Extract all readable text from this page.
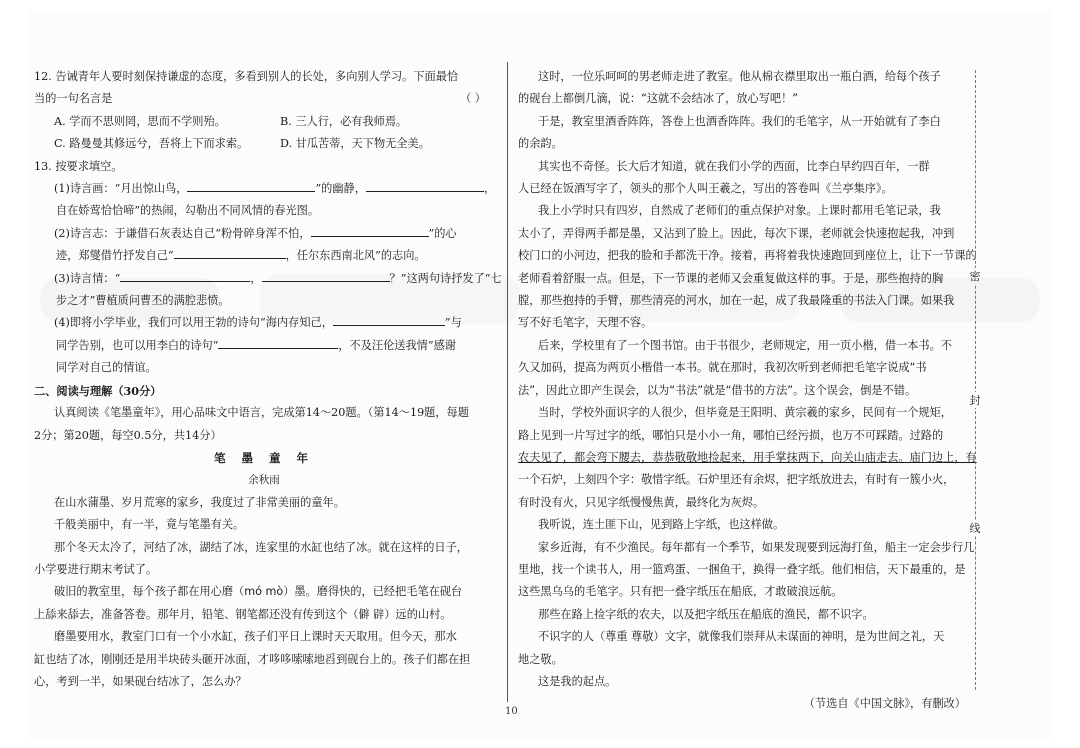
12. 告诫青年人要时刻保持谦虚的态度，多看到别人的长处，多向别人学习。下面最恰
当的一句名言是	（ ）
A. 学而不思则罔，思而不学则殆。	B. 三人行，必有我师焉。
C. 路曼曼其修远兮，吾将上下而求索。	D. 甘瓜苦蒂，天下物无全美。
13. 按要求填空。
(1)诗言画：“月出惊山鸟，	”的幽静，	，
自在娇莺恰恰啼”的热闹，勾勒出不同风情的春光图。
(2)诗言志：于谦借石灰表达自己“粉骨碎身浑不怕，	”的心
迹，郑燮借竹抒发自己“	，任尔东西南北风”的志向。
(3)诗言情：“	，	？”这两句诗抒发了“七
步之才”曹植质问曹丕的满腔悲愤。
(4)即将小学毕业，我们可以用王勃的诗句“海内存知己，	”与
同学告别，也可以用李白的诗句“	，不及汪伦送我情”感谢
同学对自己的情谊。
二、阅读与理解（30分）
认真阅读《笔墨童年》，用心品味文中语言，完成第14～20题。（第14～19题，每题
2分；第20题，每空0.5分，共14分）
笔 墨 童 年
余秋雨
在山水蒲墨、岁月荒寒的家乡，我度过了非常美丽的童年。
千般美丽中，有一半，竟与笔墨有关。
那个冬天太冷了，河结了冰，湖结了冰，连家里的水缸也结了冰。就在这样的日子，
小学要进行期末考试了。
破旧的教室里，每个孩子都在用心磨（mó mò）墨。磨得快的，已经把毛笔在砚台
上舔来舔去，准备答卷。那年月，铅笔、钢笔都还没有传到这个（僻 辟）远的山村。
磨墨要用水，教室门口有一个小水缸，孩子们平日上课时天天取用。但今天，那水
缸也结了冰，刚刚还是用半块砖头砸开冰面，才哆哆嗦嗦地舀到砚台上的。孩子们都在担
心，考到一半，如果砚台结冰了，怎么办？
这时，一位乐呵呵的男老师走进了教室。他从棉衣襟里取出一瓶白酒，给每个孩子
的砚台上都倒几滴，说：“这就不会结冰了，放心写吧！”
于是，教室里酒香阵阵，答卷上也酒香阵阵。我们的毛笔字，从一开始就有了李白
的余韵。
其实也不奇怪。长大后才知道，就在我们小学的西面，比李白早约四百年，一群
人已经在饭酒写字了，领头的那个人叫王羲之，写出的答卷叫《兰亭集序》。
我上小学时只有四岁，自然成了老师们的重点保护对象。上课时都用毛笔记录，我
太小了，弄得两手都是墨，又沾到了脸上。因此，每次下课，老师就会快速抱起我，冲到
校门口的小河边，把我的脸和手都洗干净。接着，再将着我快速跑回到座位上，让下一节课的
老师看着舒服一点。但是，下一节课的老师又会重复做这样的事。于是，那些抱持的胸
膛，那些抱持的手臂，那些清亮的河水，加在一起，成了我最隆重的书法入门课。如果我
写不好毛笔字，天理不容。
后来，学校里有了一个图书馆。由于书很少，老师规定，用一页小楷，借一本书。不
久又加码，提高为两页小楷借一本书。就在那时，我初次听到老师把毛笔字说成“书
法”，因此立即产生误会，以为“书法”就是“借书的方法”。这个误会，倒是不错。
当时，学校外面识字的人很少，但毕竟是王阳明、黄宗羲的家乡，民间有一个规矩，
路上见到一片写过字的纸，哪怕只是小小一角，哪怕已经污损，也万不可踩踏。过路的
农夫见了，都会弯下腰去，恭恭敬敬地捡起来，用手掌抹两下，向关山庙走去。庙门边上，有
一个石炉，上刻四个字：敬惜字纸。石炉里还有余烬，把字纸放进去，有时有一簇小火，
有时没有火，只见字纸慢慢焦黄，最终化为灰烬。
我听说，连土匪下山，见到路上字纸，也这样做。
家乡近海，有不少渔民。每年都有一个季节，如果发现要到远海打鱼，船主一定会步行几
里地，找一个读书人，用一篮鸡蛋、一捆鱼干，换得一叠字纸。他们相信，天下最重的，是
这些黑乌乌的毛笔字。只有把一叠字纸压在船底，才敢破浪远航。
那些在路上捡字纸的农夫，以及把字纸压在船底的渔民，都不识字。
不识字的人（尊重 尊敬）文字，就像我们崇拜从未谋面的神明，是为世间之礼，天
地之敬。
这是我的起点。
（节选自《中国文脉》，有删改）
密
封
线
10
